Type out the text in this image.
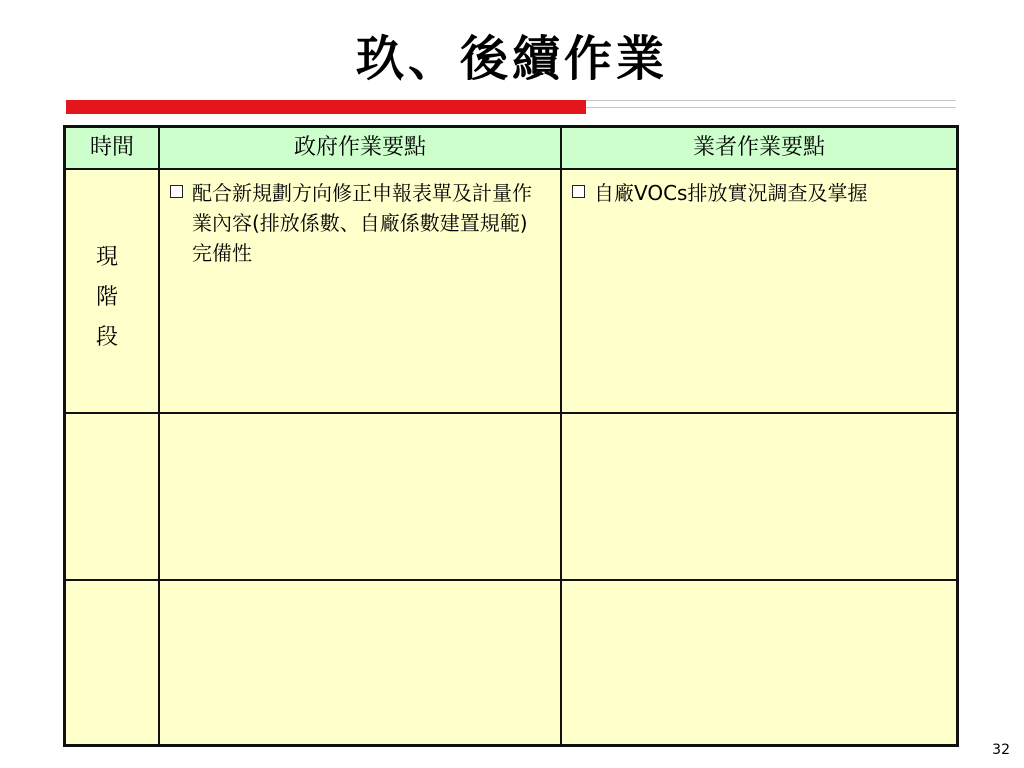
玖、後續作業
時間	政府作業要點	業者作業要點
現
階
段
配合新規劃方向修正申報表單及計量作業內容(排放係數、自廠係數建置規範)完備性
自廠VOCs排放實況調查及掌握
32
